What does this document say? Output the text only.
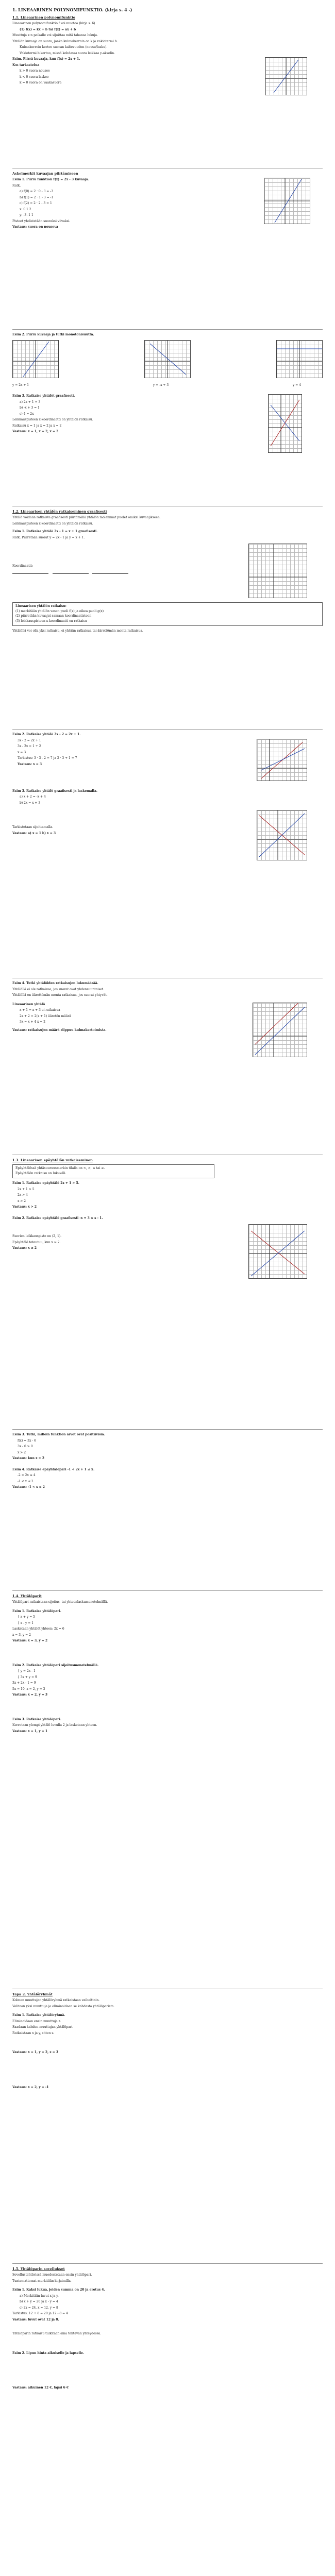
1. LINEAARINEN POLYNOMIFUNKTIO. (kirja s. 4 -)
1.1. Lineaarinen polynomifunktio
Lineaarinen polynomifunktio f voi muotoa (kirja s. 6)
(1) f(x) = kx + b tai f(x) = ax + b
Muuttuja x:n paikalle voi sijoittaa mitä tahansa lukuja.
Yhtälön kuvaaja on suora, jonka kulmakerroin on k ja vakiotermi b.
Kulmakerroin kertoo suoran kaltevuuden (nousu/lasku).
Vakiotermi b kertoo, missä kohdassa suora leikkaa y-akselin.
Esim. Piirrä kuvaaja, kun f(x) = 2x + 1.
K:n tarkastelua
k > 0 suora nousee
k < 0 suora laskee
k = 0 suora on vaakasuora
Askelmerkit kuvaajan piirtämiseen
Esim 1. Piirrä funktion f(x) = 2x - 3 kuvaaja.
Ratk.
a) f(0) = 2 · 0 - 3 = -3
b) f(1) = 2 · 1 - 3 = -1
c) f(2) = 2 · 2 - 3 = 1
x: 0 1 2
y: -3 -1 1
Pisteet yhdistetään suoraksi viivaksi.
Vastaus: suora on nouseva
Esim 2. Piirrä kuvaaja ja tutki monotonisuutta.
y = 2x + 1	y = -x + 3	y = 4
Esim 3. Ratkaise yhtälöt graafisesti.
a) 2x + 1 = 3
b) -x + 3 = 1
c) 4 = 2x
Leikkauspisteen x-koordinaatti on yhtälön ratkaisu.
Ratkaisu x = 1 ja x = 2 ja x = 2
Vastaus: x = 1, x = 2, x = 2
1.2. Lineaarisen yhtälön ratkaiseminen graafisesti
Yhtälö voidaan ratkaista graafisesti piirtämällä yhtälön molemmat puolet omiksi kuvaajikseen.
Leikkauspisteen x-koordinaatti on yhtälön ratkaisu.
Esim 1. Ratkaise yhtälö 2x - 1 = x + 1 graafisesti.
Ratk. Piirretään suorat y = 2x - 1 ja y = x + 1.
Koordinaatit:

Lineaarisen yhtälön ratkaisu:
(1) merkitään yhtälön vasen puoli f(x) ja oikea puoli g(x)
(2) piirretään kuvaajat samaan koordinaatistoon
(3) leikkauspisteen x-koordinaatti on ratkaisu
Yhtälöllä voi olla yksi ratkaisu, ei yhtään ratkaisua tai äärettömän monta ratkaisua.
Esim 2. Ratkaise yhtälö 3x - 2 = 2x + 1.
3x - 2 = 2x + 1
3x - 2x = 1 + 2
x = 3
Tarkistus: 3 · 3 - 2 = 7 ja 2 · 3 + 1 = 7
Vastaus: x = 3
Esim 3. Ratkaise yhtälö graafisesti ja laskemalla.
a) x + 2 = -x + 4
b) 2x = x + 3
Tarkistetaan sijoittamalla.
Vastaus: a) x = 1 b) x = 3
Esim 4. Tutki yhtälöiden ratkaisujen lukumäärää.
Yhtälöllä ei ole ratkaisua, jos suorat ovat yhdensuuntaiset.
Yhtälöllä on äärettömän monta ratkaisua, jos suorat yhtyvät.
Lineaarinen yhtälö
x + 1 = x + 3 ei ratkaisua
2x + 2 = 2(x + 1) ääretön määrä
3x = x + 4 x = 2
Vastaus: ratkaisujen määrä riippuu kulmakertoimista.
1.3. Lineaarisen epäyhtälön ratkaiseminen
Epäyhtälössä yhtäsuuruusmerkin tilalla on <, >, ≤ tai ≥.
Epäyhtälön ratkaisu on lukuväli.
Esim 1. Ratkaise epäyhtälö 2x + 1 > 5.
2x + 1 > 5
2x > 4
x > 2
Vastaus: x > 2
Esim 2. Ratkaise epäyhtälö graafisesti -x + 3 ≤ x - 1.
Suorien leikkauspiste on (2, 1).
Epäyhtälö toteutuu, kun x ≥ 2.
Vastaus: x ≥ 2
Esim 3. Tutki, milloin funktion arvot ovat positiivisia.
f(x) = 3x - 6
3x - 6 > 0
x > 2
Vastaus: kun x > 2
Esim 4. Ratkaise epäyhtälöpari -1 < 2x + 1 ≤ 5.
-2 < 2x ≤ 4
-1 < x ≤ 2
Vastaus: -1 < x ≤ 2
1.4. Yhtälöparit
Yhtälöpari ratkaistaan sijoitus- tai yhteenlaskumenetelmällä.
Esim 1. Ratkaise yhtälöpari.
{ x + y = 5
{ x - y = 1
Lasketaan yhtälöt yhteen: 2x = 6
x = 3, y = 2
Vastaus: x = 3, y = 2
Esim 2. Ratkaise yhtälöpari sijoitusmenetelmällä.
{ y = 2x - 1
{ 3x + y = 9
3x + 2x - 1 = 9
5x = 10, x = 2, y = 3
Vastaus: x = 2, y = 3
Esim 3. Ratkaise yhtälöpari.
Kerrotaan ylempi yhtälö luvulla 2 ja lasketaan yhteen.
Vastaus: x = 1, y = 1
Tapa 2. Yhtälöryhmät
Kolmen muuttujan yhtälöryhmä ratkaistaan vaiheittain.
Valitaan yksi muuttuja ja eliminoidaan se kahdesta yhtälöparista.
Esim 1. Ratkaise yhtälöryhmä.
Eliminoidaan ensin muuttuja z.
Saadaan kahden muuttujan yhtälöpari.
Ratkaistaan x ja y, sitten z.
Vastaus: x = 1, y = 2, z = 3
Vastaus: x = 2, y = -1
1.5. Yhtälöparin sovellukset
Sovellustehtävissä muodostetaan ensin yhtälöpari.
Tuntemattomat merkitään kirjaimilla.
Esim 1. Kaksi lukua, joiden summa on 20 ja erotus 4.
a) Merkitään luvut x ja y.
b) x + y = 20 ja x - y = 4
c) 2x = 24, x = 12, y = 8
Tarkistus: 12 + 8 = 20 ja 12 - 8 = 4
Vastaus: luvut ovat 12 ja 8.
Yhtälöparin ratkaisu tulkitaan aina tehtävän yhteydessä.
Esim 2. Lipun hinta aikuiselle ja lapselle.
Vastaus: aikuinen 12 €, lapsi 6 €
